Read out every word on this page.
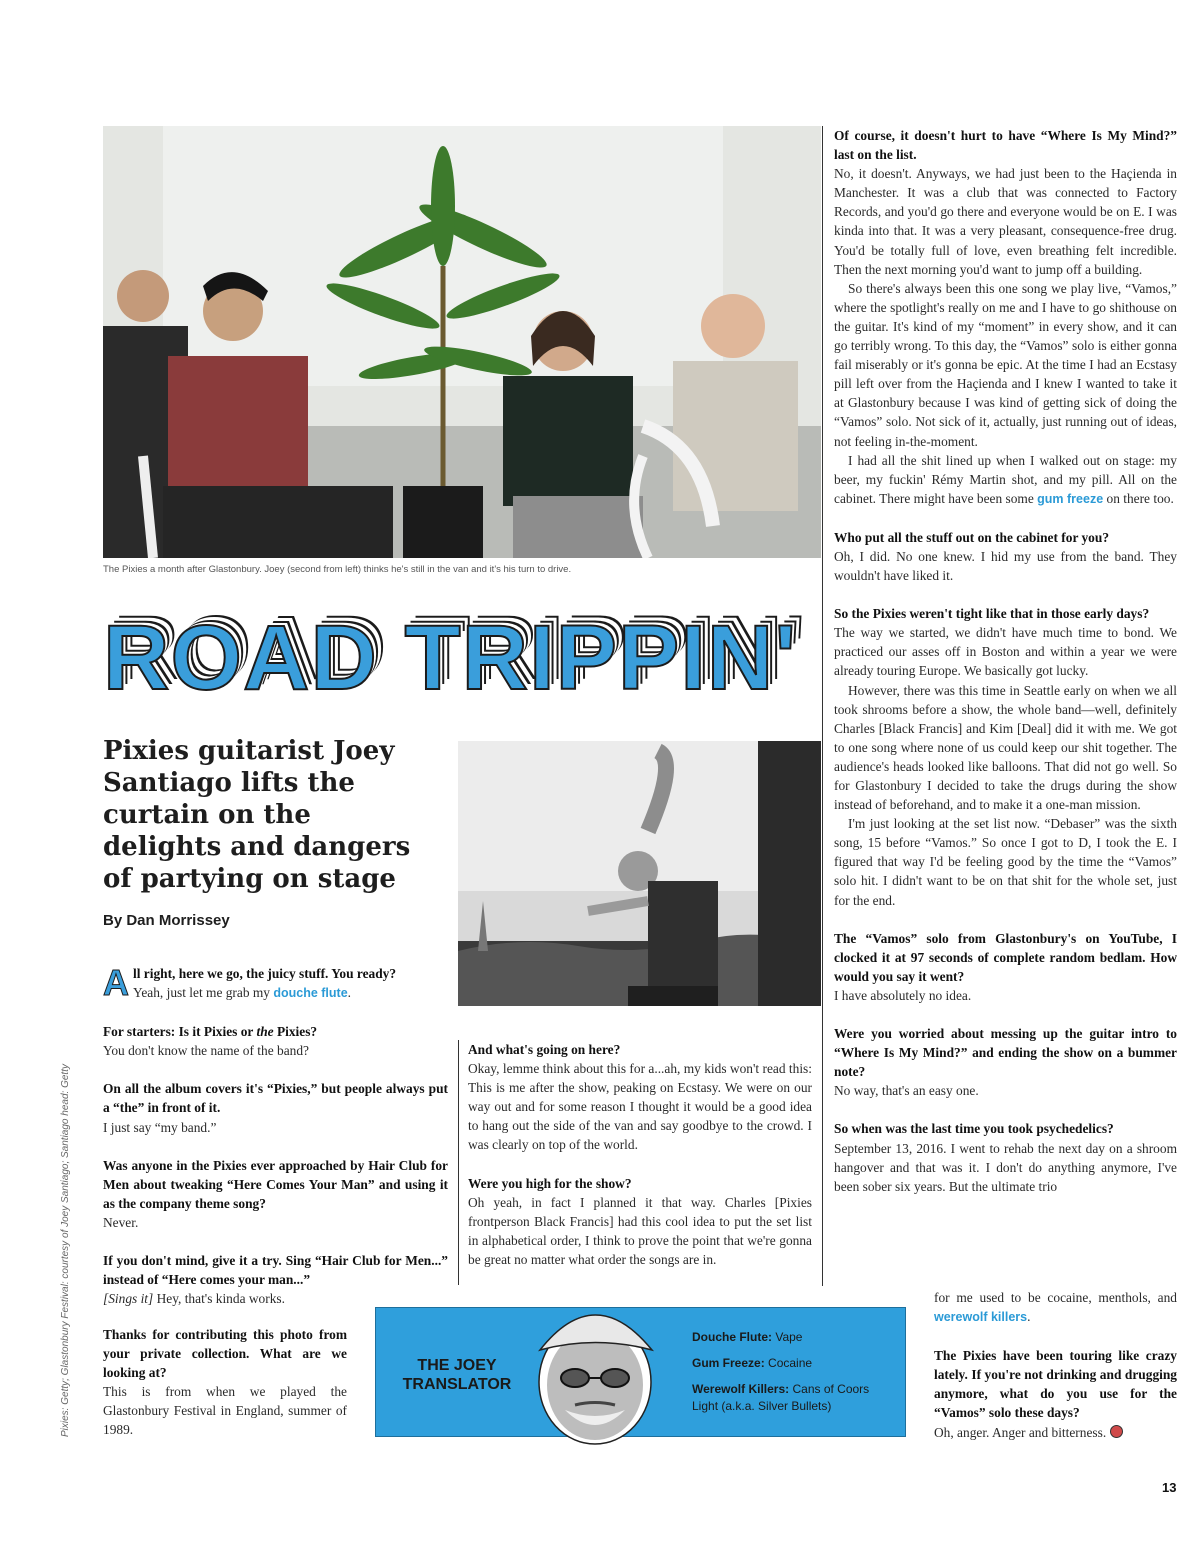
The Pixies a month after Glastonbury. Joey (second from left) thinks he's still in the van and it's his turn to drive.
ROAD TRIPPIN'
Pixies guitarist Joey Santiago lifts the curtain on the delights and dangers of partying on stage
By Dan Morrissey
A ll right, here we go, the juicy stuff. You ready?

Yeah, just let me grab my douche flute.

For starters: Is it Pixies or the Pixies?

You don't know the name of the band?

On all the album covers it's “Pixies,” but people always put a “the” in front of it.

I just say “my band.”

Was anyone in the Pixies ever approached by Hair Club for Men about tweaking “Here Comes Your Man” and using it as the company theme song?

Never.

If you don't mind, give it a try. Sing “Hair Club for Men...” instead of “Here comes your man...”

[Sings it] Hey, that's kinda works.

Thanks for contributing this photo from your private collection. What are we looking at?

This is from when we played the Glastonbury Festival in England, summer of 1989.

And what's going on here?

Okay, lemme think about this for a...ah, my kids won't read this: This is me after the show, peaking on Ecstasy. We were on our way out and for some reason I thought it would be a good idea to hang out the side of the van and say goodbye to the crowd. I was clearly on top of the world.

Were you high for the show?

Oh yeah, in fact I planned it that way. Charles [Pixies frontperson Black Francis] had this cool idea to put the set list in alphabetical order, I think to prove the point that we're gonna be great no matter what order the songs are in.

Of course, it doesn't hurt to have “Where Is My Mind?” last on the list.

No, it doesn't. Anyways, we had just been to the Haçienda in Manchester. It was a club that was connected to Factory Records, and you'd go there and everyone would be on E. I was kinda into that. It was a very pleasant, consequence-free drug. You'd be totally full of love, even breathing felt incredible. Then the next morning you'd want to jump off a building.

So there's always been this one song we play live, “Vamos,” where the spotlight's really on me and I have to go shithouse on the guitar. It's kind of my “moment” in every show, and it can go terribly wrong. To this day, the “Vamos” solo is either gonna fail miserably or it's gonna be epic. At the time I had an Ecstasy pill left over from the Haçienda and I knew I wanted to take it at Glastonbury because I was kind of getting sick of doing the “Vamos” solo. Not sick of it, actually, just running out of ideas, not feeling in-the-moment.

I had all the shit lined up when I walked out on stage: my beer, my fuckin' Rémy Martin shot, and my pill. All on the cabinet. There might have been some gum freeze on there too.

Who put all the stuff out on the cabinet for you?

Oh, I did. No one knew. I hid my use from the band. They wouldn't have liked it.

So the Pixies weren't tight like that in those early days?

The way we started, we didn't have much time to bond. We practiced our asses off in Boston and within a year we were already touring Europe. We basically got lucky.

However, there was this time in Seattle early on when we all took shrooms before a show, the whole band—well, definitely Charles [Black Francis] and Kim [Deal] did it with me. We got to one song where none of us could keep our shit together. The audience's heads looked like balloons. That did not go well. So for Glastonbury I decided to take the drugs during the show instead of beforehand, and to make it a one-man mission.

I'm just looking at the set list now. “Debaser” was the sixth song, 15 before “Vamos.” So once I got to D, I took the E. I figured that way I'd be feeling good by the time the “Vamos” solo hit. I didn't want to be on that shit for the whole set, just for the end.

The “Vamos” solo from Glastonbury's on YouTube, I clocked it at 97 seconds of complete random bedlam. How would you say it went?

I have absolutely no idea.

Were you worried about messing up the guitar intro to “Where Is My Mind?” and ending the show on a bummer note?

No way, that's an easy one.

So when was the last time you took psychedelics?

September 13, 2016. I went to rehab the next day on a shroom hangover and that was it. I don't do anything anymore, I've been sober six years. But the ultimate trio

for me used to be cocaine, menthols, and werewolf killers.

The Pixies have been touring like crazy lately. If you're not drinking and drugging anymore, what do you use for the “Vamos” solo these days?

Oh, anger. Anger and bitterness.

THE JOEY TRANSLATOR
Douche Flute: Vape
Gum Freeze: Cocaine
Werewolf Killers: Cans of Coors Light (a.k.a. Silver Bullets)
Pixies: Getty; Glastonbury Festival: courtesy of Joey Santiago; Santiago head: Getty
13
